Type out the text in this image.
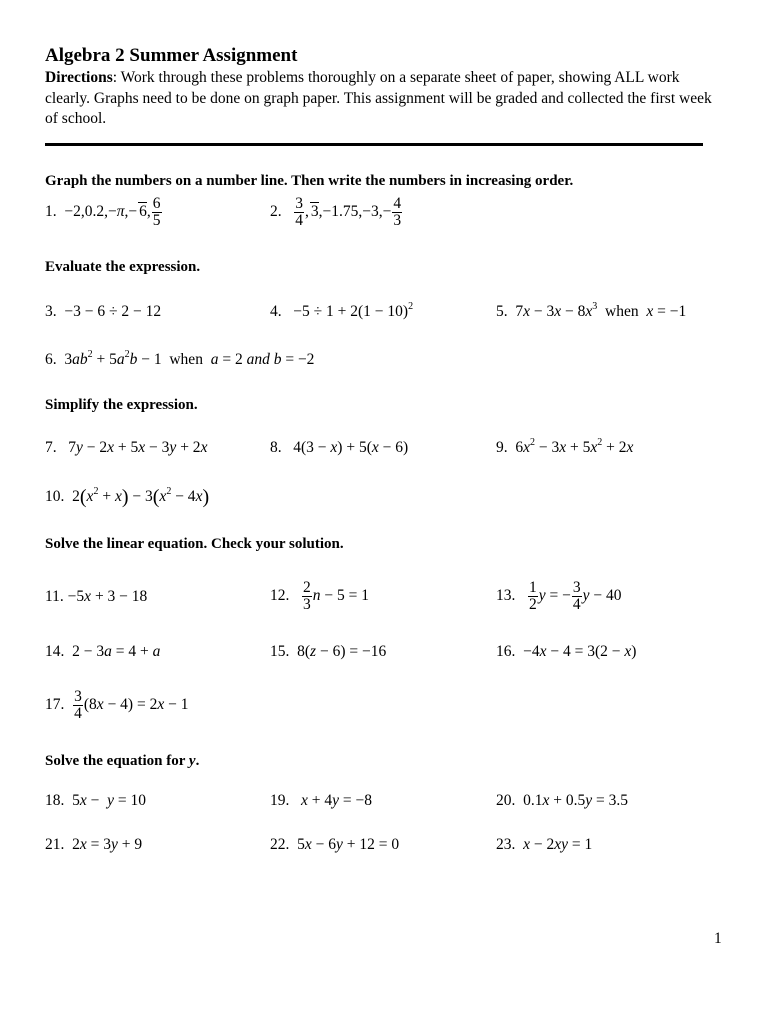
Algebra 2 Summer Assignment
Directions: Work through these problems thoroughly on a separate sheet of paper, showing ALL work clearly. Graphs need to be done on graph paper. This assignment will be graded and collected the first week of school.
Graph the numbers on a number line. Then write the numbers in increasing order.
1.  −2,0.2,−π,− 6, $\frac{6}{5}$	2. $\frac{3}{4}$ , $3,-1.75,-3,- \frac{4}{3}$
Evaluate the expression.
3.  −3 − 6 ÷ 2 − 12	4.   $-5 \div 1 + 2(1 - 10)^2$	5.  $7x - 3x - 8x^3$  when  x = −1
6.  $3ab^2 + 5a^2b - 1$  when  a = 2 and b = −2
Simplify the expression.
7.   7y − 2x + 5x − 3y + 2x	8.   4(3 − x) + 5(x − 6)	9.  $6x^2 - 3x + 5x^2 + 2x$
10.  $2(x^2 + x) - 3(x^2 - 4x)$
Solve the linear equation. Check your solution.
11. −5x + 3 − 18	12. $\frac{2}{3}$ n − 5 = 1	13. $\frac{1}{2}$ y = − $\frac{3}{4}$ y − 40
14.  2 − 3a = 4 + a	15.  8(z − 6) = −16	16.  −4x − 4 = 3(2 − x)
17. $\frac{3}{4} (8x - 4) = 2x - 1$
Solve the equation for y.
18.  5x −  y = 10	19.   x + 4y = −8	20.  0.1x + 0.5y = 3.5
21.  2x = 3y + 9	22.  5x − 6y + 12 = 0	23.  x − 2xy = 1
1
